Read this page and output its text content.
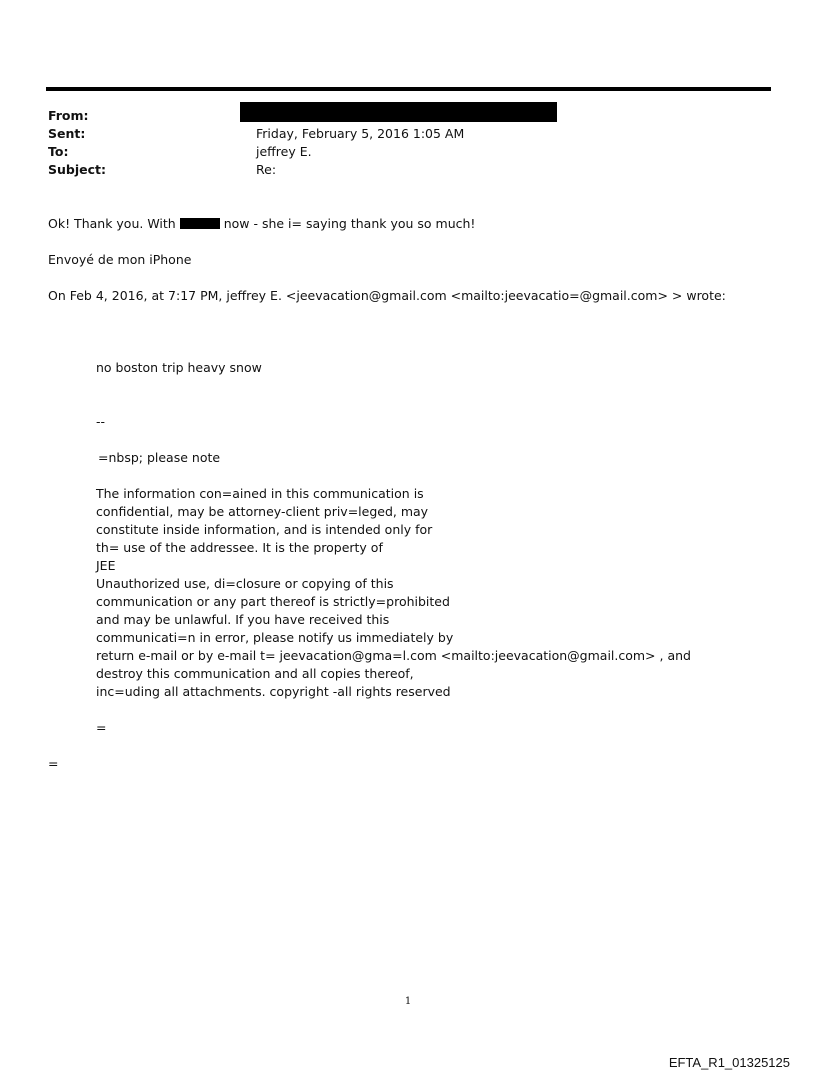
From:
Sent:	Friday, February 5, 2016 1:05 AM
To:	jeffrey E.
Subject:	Re:
Ok! Thank you. With	now - she i= saying thank you so much!
Envoyé de mon iPhone
On Feb 4, 2016, at 7:17 PM, jeffrey E. <jeevacation@gmail.com <mailto:jeevacatio=@gmail.com> > wrote:
no boston trip heavy snow
--
=nbsp; please note
The information con=ained in this communication is
confidential, may be attorney-client priv=leged, may
constitute inside information, and is intended only for
th= use of the addressee. It is the property of
JEE
Unauthorized use, di=closure or copying of this
communication or any part thereof is strictly=prohibited
and may be unlawful. If you have received this
communicati=n in error, please notify us immediately by
return e-mail or by e-mail t= jeevacation@gma=l.com <mailto:jeevacation@gmail.com> , and
destroy this communication and all copies thereof,
inc=uding all attachments. copyright -all rights reserved
=
=
1
EFTA_R1_01325125
